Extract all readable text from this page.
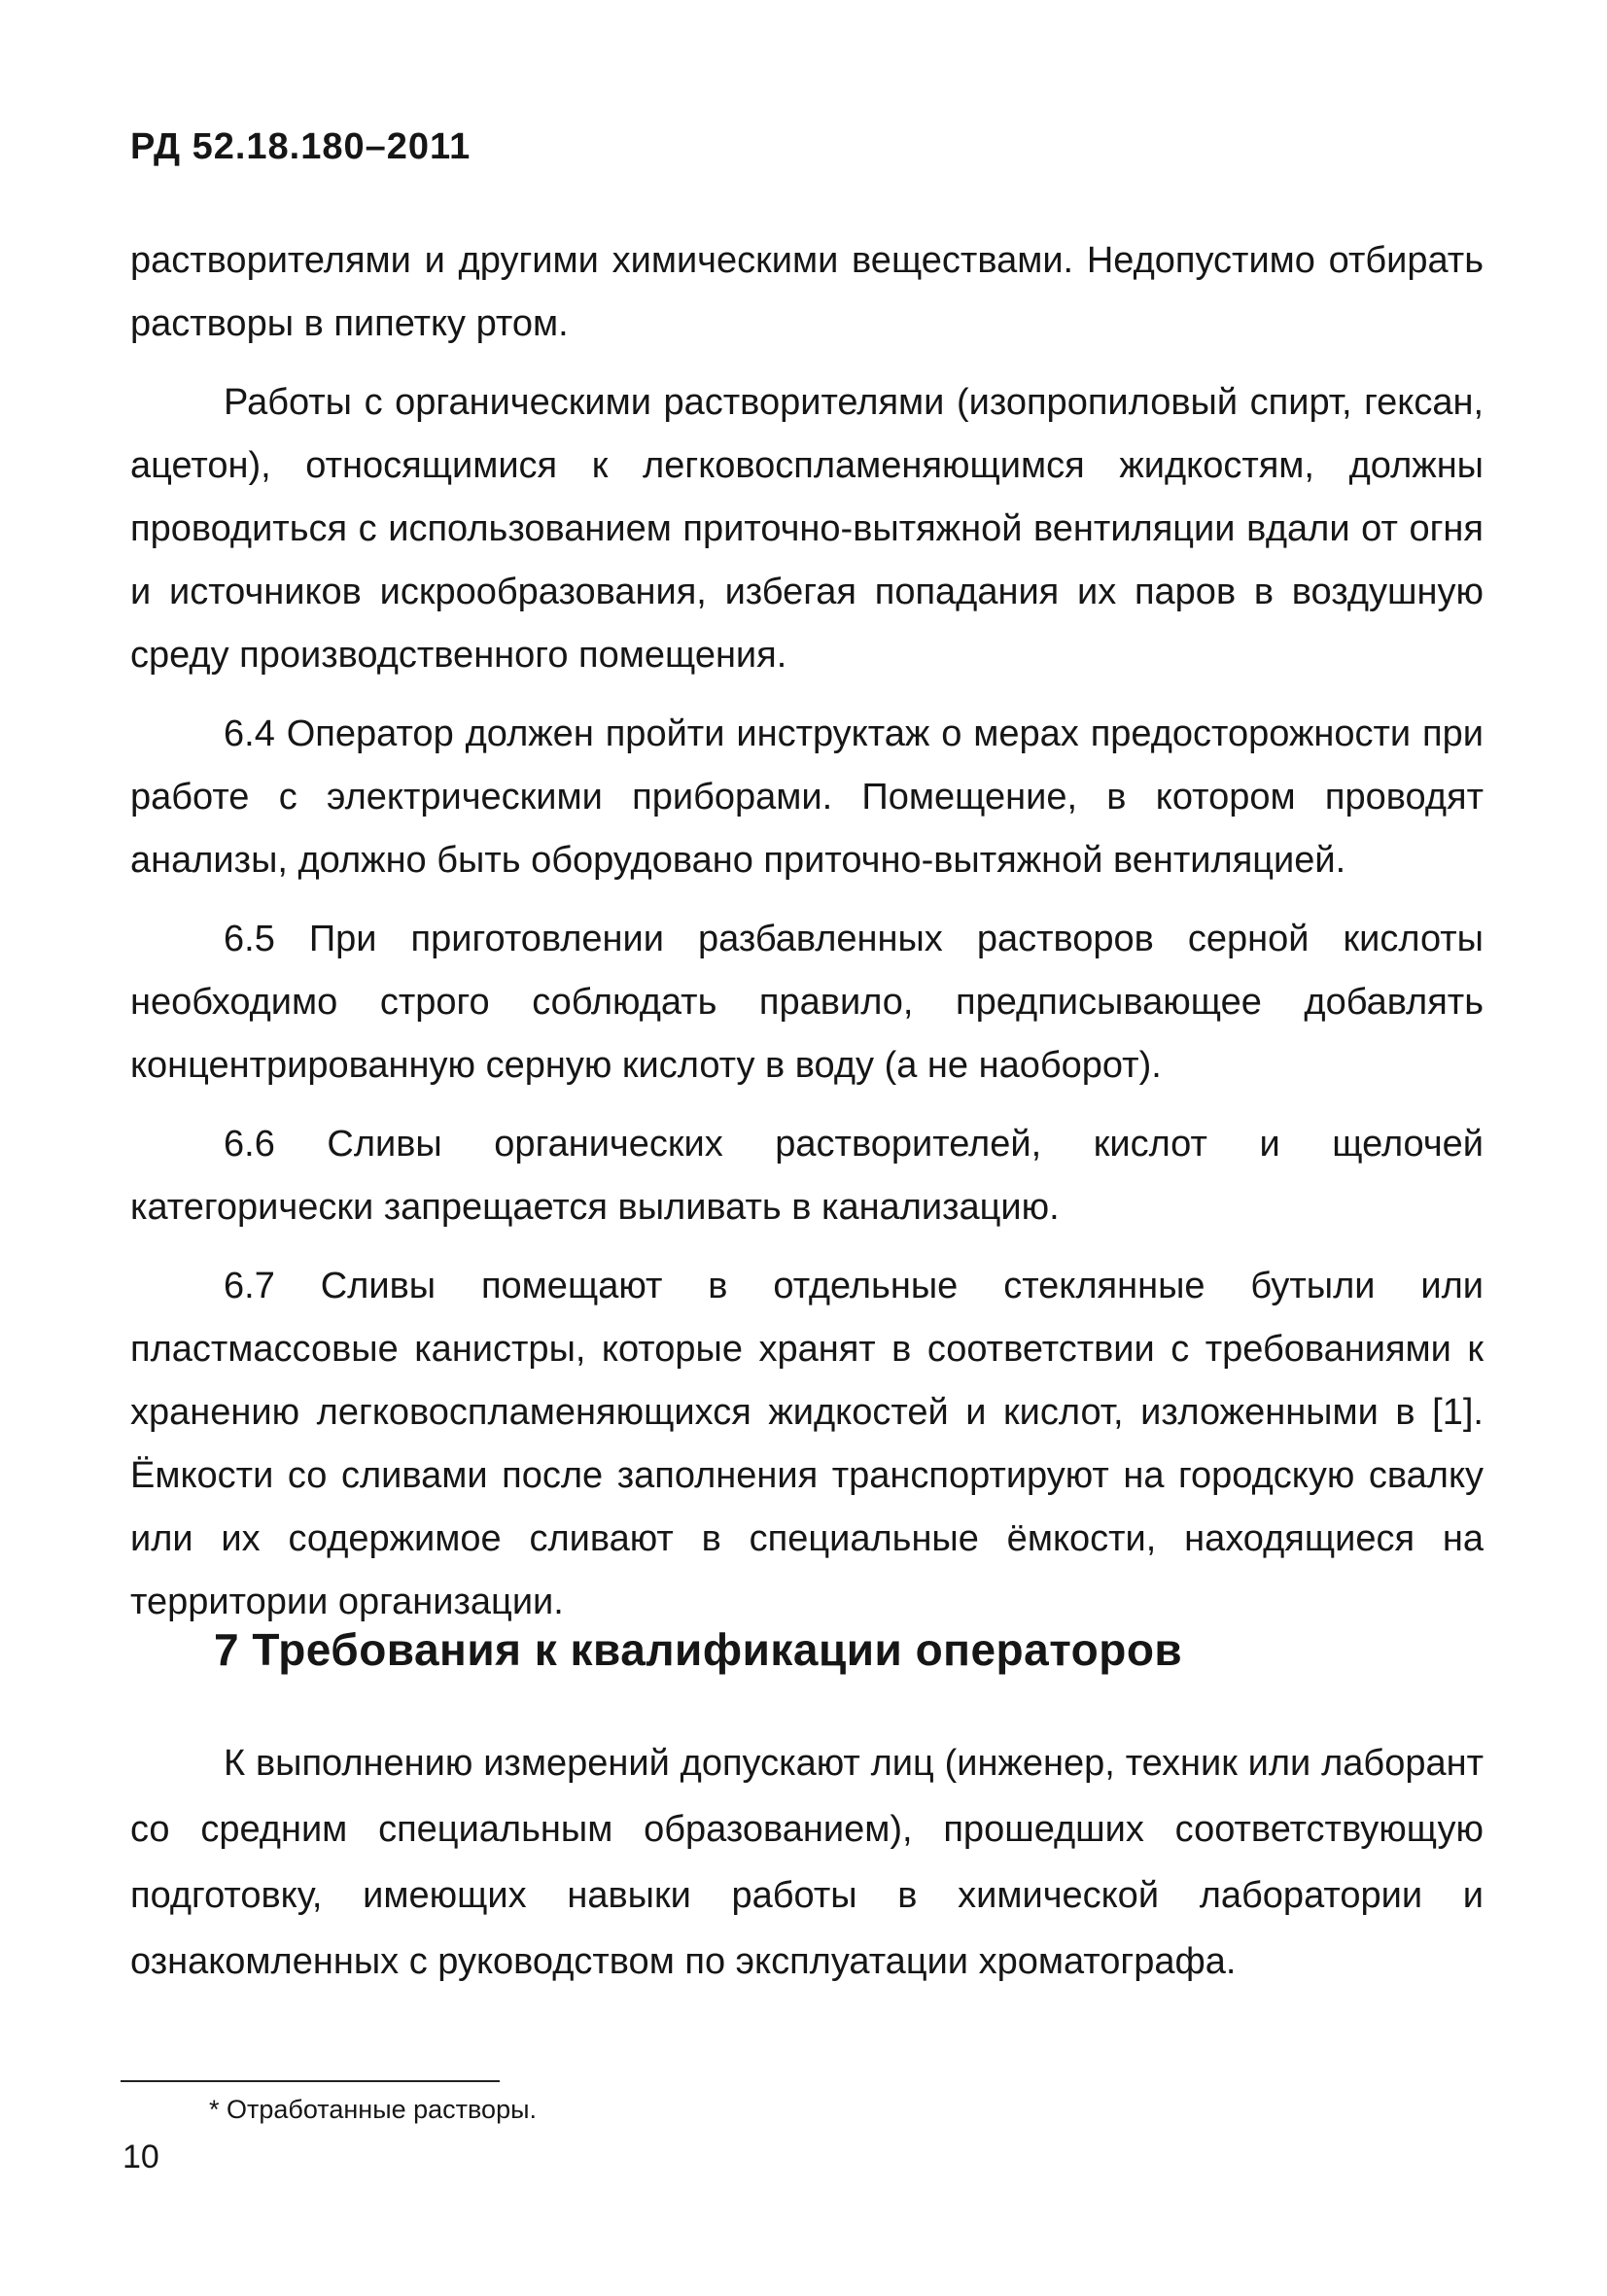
РД 52.18.180–2011

растворителями и другими химическими веществами. Недопустимо отбирать растворы в пипетку ртом.

Работы с органическими растворителями (изопропиловый спирт, гексан, ацетон), относящимися к легковоспламеняющимся жидкостям, должны проводиться с использованием приточно-вытяжной вентиляции вдали от огня и источников искрообразования, избегая попадания их паров в воздушную среду производственного помещения.

6.4 Оператор должен пройти инструктаж о мерах предосторожности при работе с электрическими приборами. Помещение, в котором проводят анализы, должно быть оборудовано приточно-вытяжной вентиляцией.

6.5 При приготовлении разбавленных растворов серной кислоты необходимо строго соблюдать правило, предписывающее добавлять концентрированную серную кислоту в воду (а не наоборот).

6.6 Сливы органических растворителей, кислот и щелочей категорически запрещается выливать в канализацию.

6.7 Сливы помещают в отдельные стеклянные бутыли или пластмассовые канистры, которые хранят в соответствии с требованиями к хранению легковоспламеняющихся жидкостей и кислот, изложенными в [1]. Ёмкости со сливами после заполнения транспортируют на городскую свалку или их содержимое сливают в специальные ёмкости, находящиеся на территории организации.

7 Требования к квалификации операторов

К выполнению измерений допускают лиц (инженер, техник или лаборант со средним специальным образованием), прошедших соответствующую подготовку, имеющих навыки работы в химической лаборатории и ознакомленных с руководством по эксплуатации хроматографа.

* Отработанные растворы.
10
